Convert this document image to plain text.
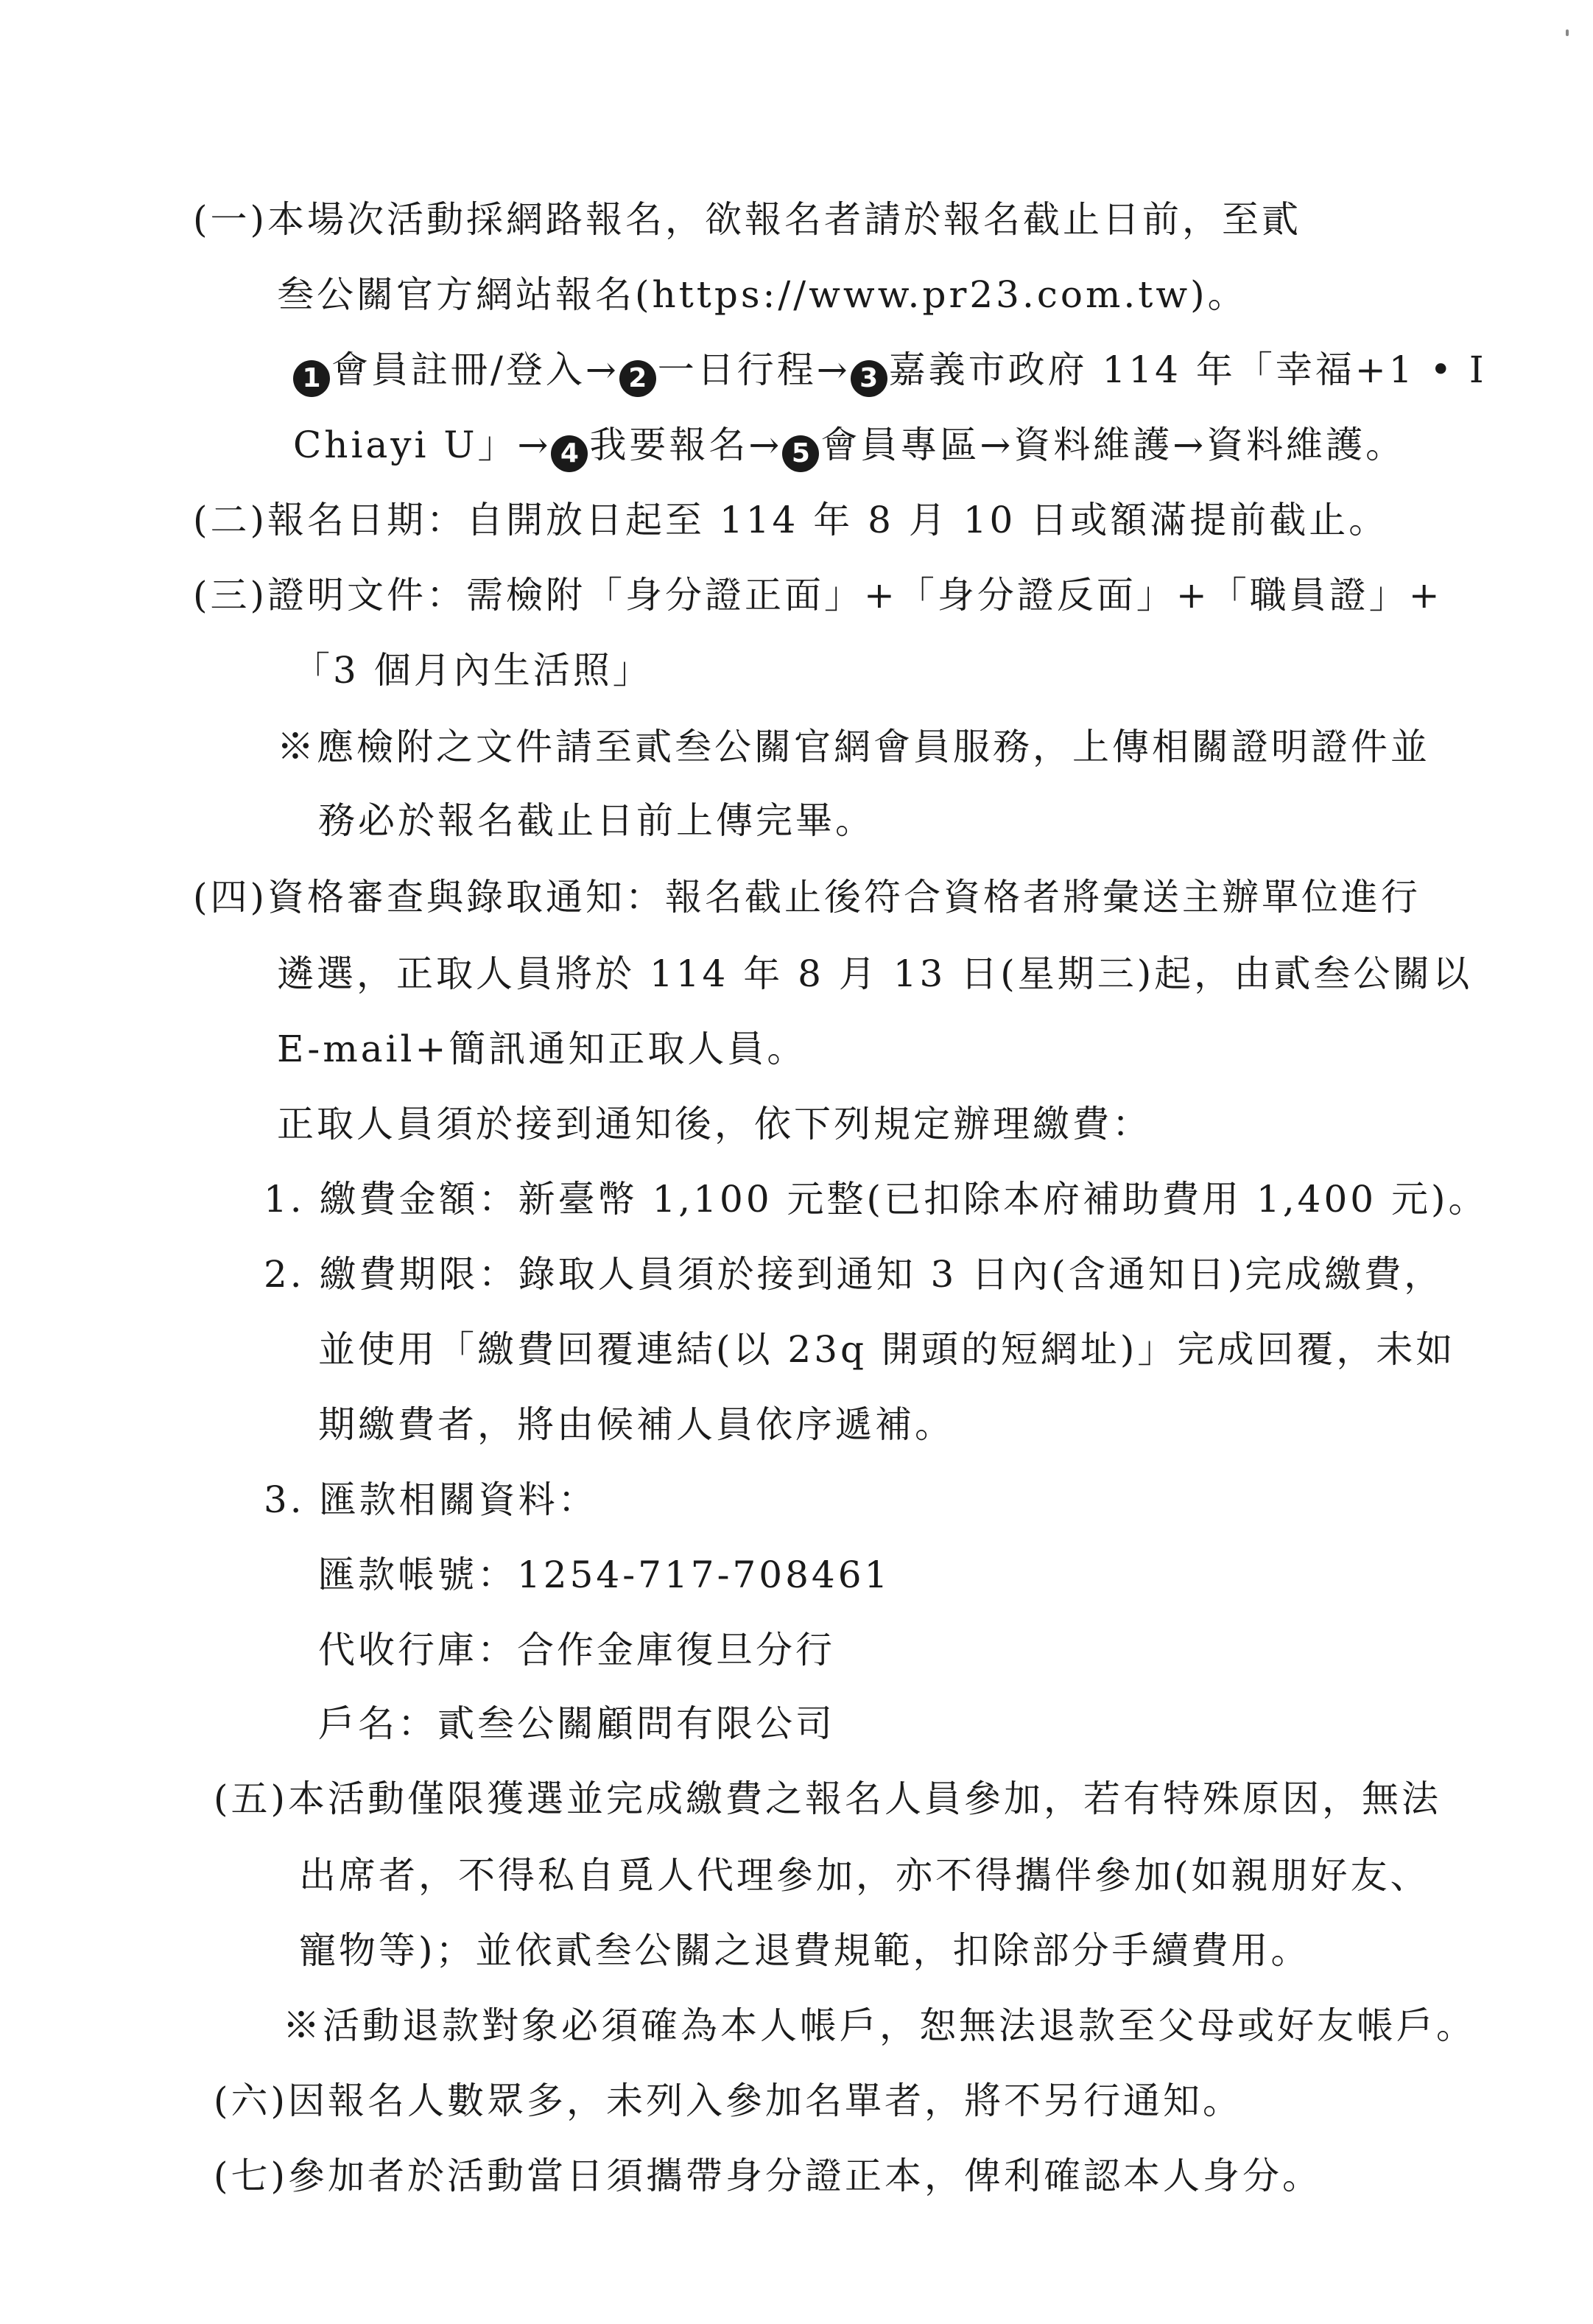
(一)本場次活動採網路報名，欲報名者請於報名截止日前，至貳
叁公關官方網站報名(https://www.pr23.com.tw)。
1 會員註冊/登入→ 2 一日行程→ 3 嘉義市政府 114 年「幸福+1 • I
Chiayi U」→ 4 我要報名→ 5 會員專區→資料維護→資料維護。
(二)報名日期：自開放日起至 114 年 8 月 10 日或額滿提前截止。
(三)證明文件：需檢附「身分證正面」+「身分證反面」+「職員證」+
「3 個月內生活照」
※應檢附之文件請至貳叁公關官網會員服務，上傳相關證明證件並
務必於報名截止日前上傳完畢。
(四)資格審查與錄取通知：報名截止後符合資格者將彙送主辦單位進行
遴選，正取人員將於 114 年 8 月 13 日(星期三)起，由貳叁公關以
E-mail+簡訊通知正取人員。
正取人員須於接到通知後，依下列規定辦理繳費：
1. 繳費金額：新臺幣 1,100 元整(已扣除本府補助費用 1,400 元)。
2. 繳費期限：錄取人員須於接到通知 3 日內(含通知日)完成繳費，
並使用「繳費回覆連結(以 23q 開頭的短網址)」完成回覆，未如
期繳費者，將由候補人員依序遞補。
3. 匯款相關資料：
匯款帳號：1254-717-708461
代收行庫：合作金庫復旦分行
戶名：貳叁公關顧問有限公司
(五)本活動僅限獲選並完成繳費之報名人員參加，若有特殊原因，無法
出席者，不得私自覓人代理參加，亦不得攜伴參加(如親朋好友、
寵物等)；並依貳叁公關之退費規範，扣除部分手續費用。
※活動退款對象必須確為本人帳戶，恕無法退款至父母或好友帳戶。
(六)因報名人數眾多，未列入參加名單者，將不另行通知。
(七)參加者於活動當日須攜帶身分證正本，俾利確認本人身分。
